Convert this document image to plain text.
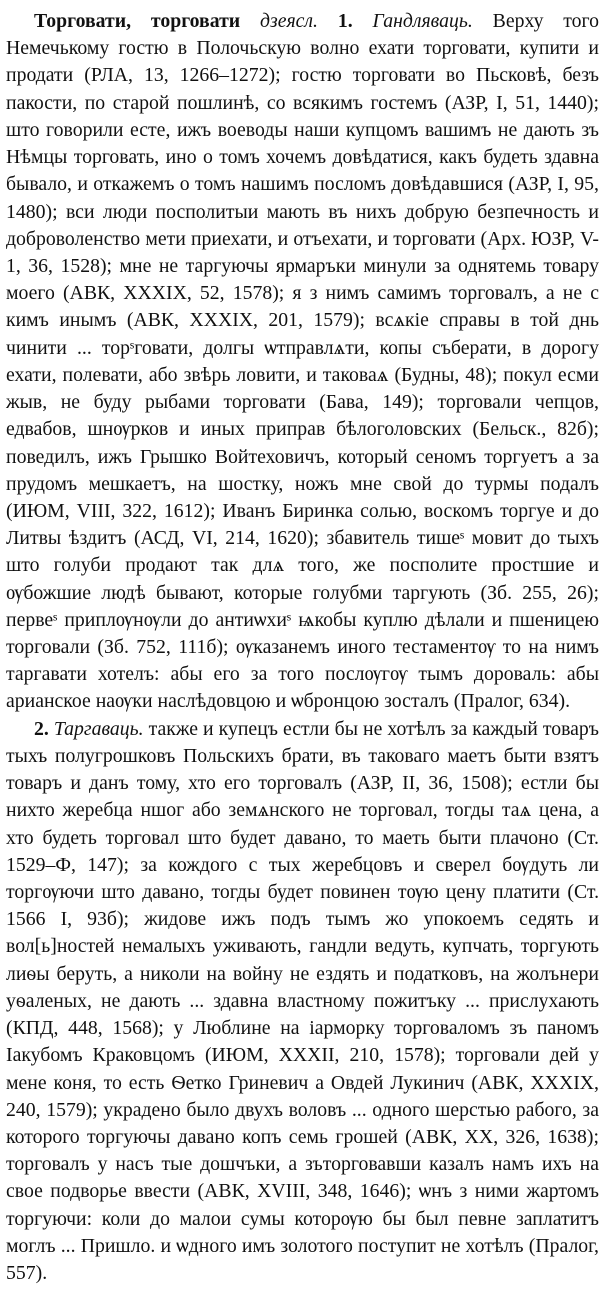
Торговати, торговати дзеясл. 1. Гандляваць. Верху того Немечькому гостю в Полочьскую волно ехати торговати, купити и продати (РЛА, 13, 1266–1272); гостю торговати во Пьсковѣ, безъ пакости, по старой пошлинѣ, со всякимъ гостемъ (АЗР, I, 51, 1440); што говорили есте, ижъ воеводы наши купцомъ вашимъ не дають зъ Нѣмцы торговать, ино о томъ хочемъ довѣдатися, какъ будеть здавна бывало, и откажемъ о томъ нашимъ посломъ довѣдавшися (АЗР, I, 95, 1480); вси люди посполитыи мають въ нихъ добрую безпечность и доброволенство мети приехати, и отъехати, и торговати (Арх. ЮЗР, V-1, 36, 1528); мне не таргуючы ярмаръки минули за однятемь товару моего (АВК, XXXIX, 52, 1578); я з нимъ самимъ торговалъ, а не с кимъ инымъ (АВК, XXXIX, 201, 1579); всѧкіе справы в той днь чинити ... торˢговати, долгы ѡтправлѧти, копы съберати, в дорогу ехати, полевати, або звѣрь ловити, и таковаѧ (Будны, 48); покул есми жыв, не буду рыбами торговати (Бава, 149); торговали чепцов, едвабов, шнѹрков и иных приправ бѣлоголовских (Бельск., 82б); поведилъ, ижъ Грышко Войтеховичъ, который сеномъ торгуетъ а за прудомъ мешкаетъ, на шостку, ножъ мне свой до турмы подалъ (ИЮМ, VIII, 322, 1612); Иванъ Биринка солью, воскомъ торгуе и до Литвы ѣздитъ (АСД, VI, 214, 1620); збавитель тишеˢ мовит до тыхъ што голуби продают так длѧ того, же посполите простшие и ѹбожшие людѣ бывают, которые голубми таргують (Зб. 255, 26); первеˢ приплѹнѹли до антиѡхиˢ ѩкобы куплю дѣлали и пшеницею торговали (Зб. 752, 111б); ѹказанемъ иного тестаментѹ то на нимъ таргавати хотелъ: абы его за того послѹгѹ тымъ дороваль: абы арианское наѹки наслѣдовцою и ѡбронцою зосталъ (Пралог, 634).

2. Таргаваць. также и купецъ естли бы не хотѣлъ за каждый товаръ тыхъ полугрошковъ Польскихъ брати, въ таковаго маетъ быти взятъ товаръ и данъ тому, хто его торговалъ (АЗР, II, 36, 1508); естли бы нихто жеребца ншог або земѧнского не торговал, тогды таѧ цена, а хто будеть торговал што будет давано, то маеть быти плачоно (Ст. 1529–Ф, 147); за кождого с тых жеребцовъ и сверел бѹдуть ли торгѹючи што давано, тогды будет повинен тѹю цену платити (Ст. 1566 I, 93б); жидове ижъ подъ тымъ жо упокоемъ седять и вол[ь]ностей немалыхъ уживають, гандли ведуть, купчать, торгують лиѳы беруть, а николи на войну не ездять и податковъ, на жолънери уѳаленых, не дають ... здавна властному пожитъку ... прислухають (КПД, 448, 1568); у Люблине на іарморку торговаломъ зъ паномъ Іакубомъ Краковцомъ (ИЮМ, XXXII, 210, 1578); торговали дей у мене коня, то есть Ѳетко Гриневич а Овдей Лукинич (АВК, XXXIX, 240, 1579); украдено было двухъ воловъ ... одного шерстью рабого, за которого торгуючы давано копъ семь грошей (АВК, XX, 326, 1638); торговалъ у насъ тые дошчъки, а зъторговавши казалъ намъ ихъ на свое подворье ввести (АВК, XVIII, 348, 1646); ѡнъ з ними жартомъ торгуючи: коли до малои сумы которѹю бы был певне заплатитъ моглъ ... Пришло. и ѡдного имъ золотого поступит не хотѣлъ (Пралог, 557).
